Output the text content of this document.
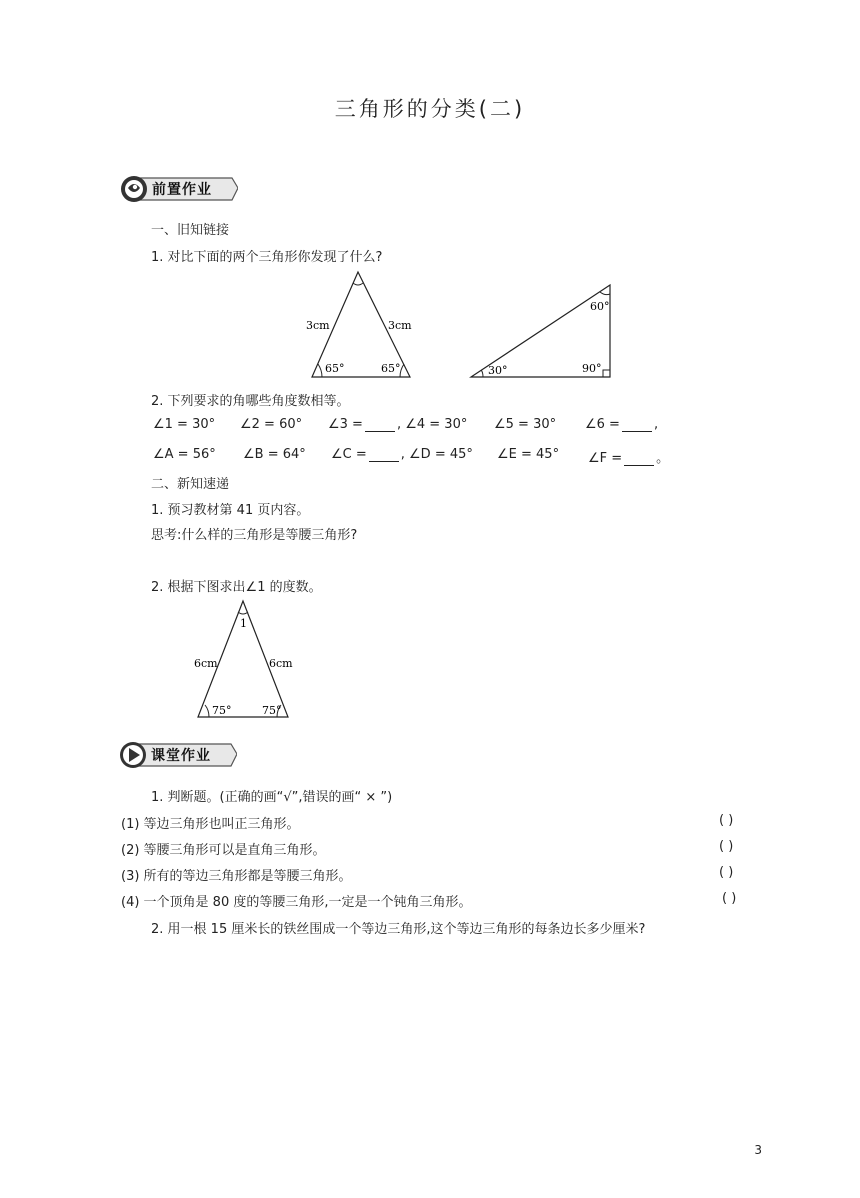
三角形的分类(二)
前置作业
一、旧知链接
1. 对比下面的两个三角形你发现了什么?
3cm	3cm
65°	65°
60°
30°	90°
2. 下列要求的角哪些角度数相等。
∠1 = 30° ∠2 = 60° ∠3 =	, ∠4 = 30° ∠5 = 30° ∠6 =	,
∠A = 56° ∠B = 64° ∠C =	, ∠D = 45° ∠E = 45° ∠F =	。
二、新知速递
1. 预习教材第 41 页内容。
思考:什么样的三角形是等腰三角形?
2. 根据下图求出∠1 的度数。
1
6cm	6cm
75°	75°
课堂作业
1. 判断题。(正确的画“√”,错误的画“ × ”)
(1) 等边三角形也叫正三角形。	( )
(2) 等腰三角形可以是直角三角形。	( )
(3) 所有的等边三角形都是等腰三角形。	( )
(4) 一个顶角是 80 度的等腰三角形,一定是一个钝角三角形。	( )
2. 用一根 15 厘米长的铁丝围成一个等边三角形,这个等边三角形的每条边长多少厘米?
3
